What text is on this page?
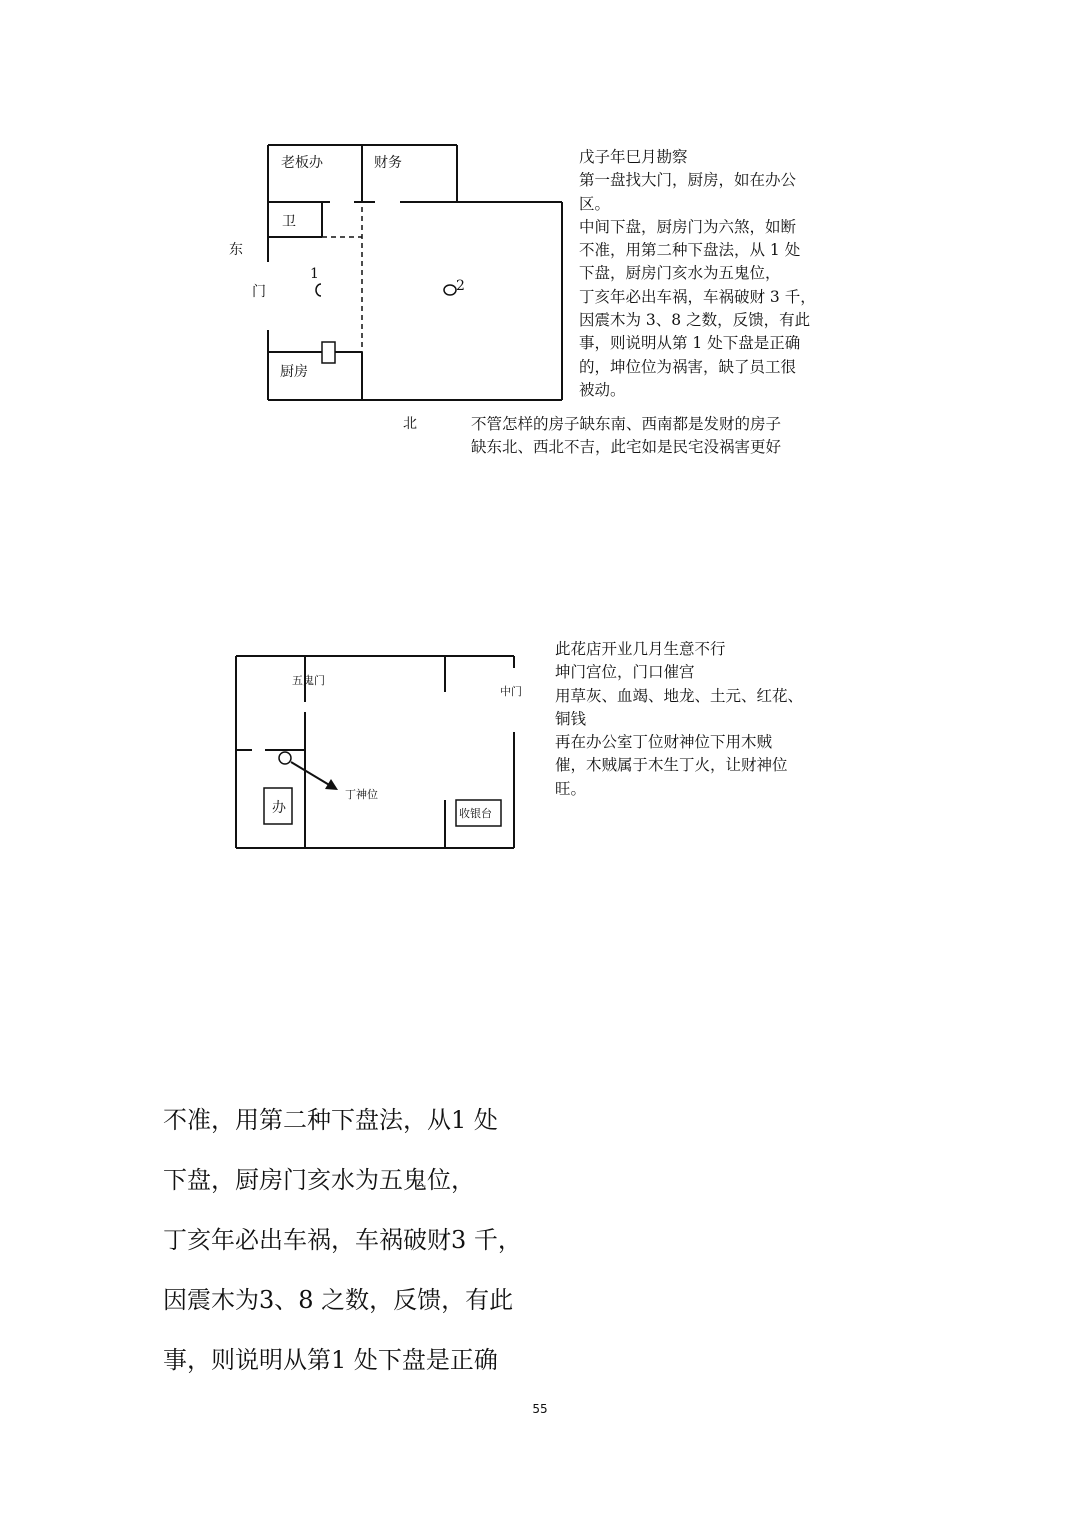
老板办	财务
卫
厨房
东
门
北
1
2
五鬼门
中门
办
丁神位
收银台
戊子年巳月勘察
第一盘找大门，厨房，如在办公
区。
中间下盘，厨房门为六煞，如断
不准，用第二种下盘法，从 1 处
下盘，厨房门亥水为五鬼位，
丁亥年必出车祸，车祸破财 3 千，
因震木为 3、8 之数，反馈，有此
事，则说明从第 1 处下盘是正确
的，坤位位为祸害，缺了员工很
被动。
不管怎样的房子缺东南、西南都是发财的房子
缺东北、西北不吉，此宅如是民宅没祸害更好
此花店开业几月生意不行
坤门宫位，门口催宫
用草灰、血竭、地龙、土元、红花、
铜钱
再在办公室丁位财神位下用木贼
催，木贼属于木生丁火，让财神位
旺。
不准，用第二种下盘法，从1 处
下盘，厨房门亥水为五鬼位，
丁亥年必出车祸，车祸破财3 千，
因震木为3、8 之数，反馈，有此
事，则说明从第1 处下盘是正确
55
